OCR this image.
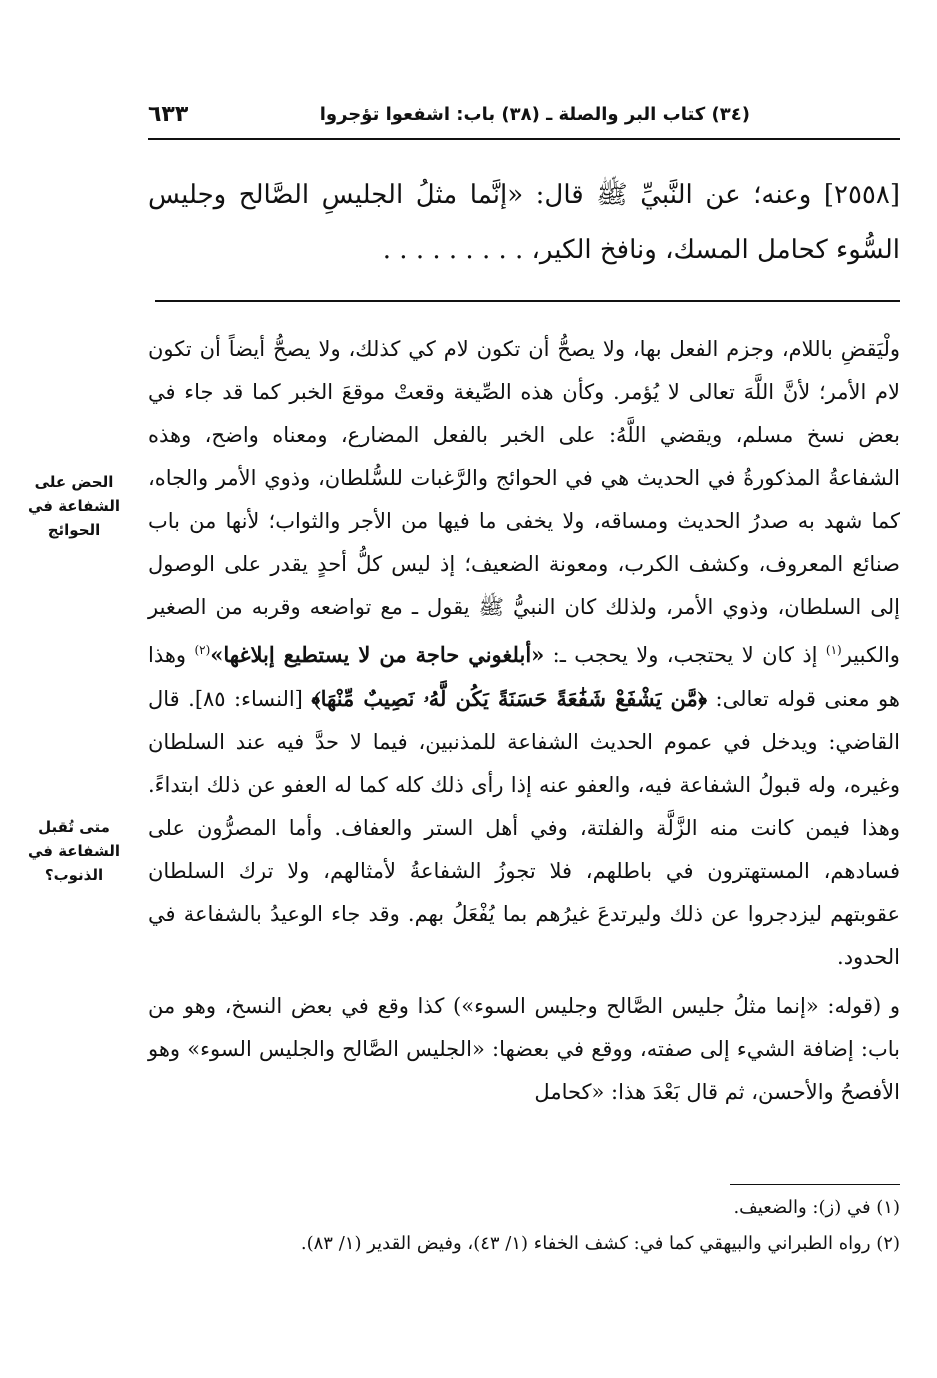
(٣٤) كتاب البر والصلة ـ (٣٨) باب: اشفعوا تؤجروا
٦٣٣
[٢٥٥٨] وعنه؛ عن النَّبيِّ ﷺ قال: «إنَّما مثلُ الجليسِ الصَّالح وجليس السُّوء كحامل المسك، ونافخ الكير، . . . . . . . . .
الحض على الشفاعة في الحوائج
متى تُقبل الشفاعة في الذنوب؟

ولْيَقضِ باللام، وجزم الفعل بها، ولا يصحُّ أن تكون لام كي كذلك، ولا يصحُّ أيضاً أن تكون لام الأمر؛ لأنَّ اللَّهَ تعالى لا يُؤمر. وكأن هذه الصِّيغة وقعتْ موقعَ الخبر كما قد جاء في بعض نسخ مسلم، ويقضي اللَّهُ: على الخبر بالفعل المضارع، ومعناه واضح، وهذه الشفاعةُ المذكورةُ في الحديث هي في الحوائج والرَّغبات للسُّلطان، وذوي الأمر والجاه، كما شهد به صدرُ الحديث ومساقه، ولا يخفى ما فيها من الأجر والثواب؛ لأنها من باب صنائع المعروف، وكشف الكرب، ومعونة الضعيف؛ إذ ليس كلُّ أحدٍ يقدر على الوصول إلى السلطان، وذوي الأمر، ولذلك كان النبيُّ ﷺ يقول ـ مع تواضعه وقربه من الصغير والكبير$^{(١)}$ إذ كان لا يحتجب، ولا يحجب ـ: «أبلغوني حاجة من لا يستطيع إبلاغها»$^{(٢)}$ وهذا هو معنى قوله تعالى: ﴿مَّن يَشْفَعْ شَفَٰعَةً حَسَنَةً يَكُن لَّهُۥ نَصِيبٌ مِّنْهَا﴾ [النساء: ٨٥]. قال القاضي: ويدخل في عموم الحديث الشفاعة للمذنبين، فيما لا حدَّ فيه عند السلطان وغيره، وله قبولُ الشفاعة فيه، والعفو عنه إذا رأى ذلك كله كما له العفو عن ذلك ابتداءً. وهذا فيمن كانت منه الزَّلَّة والفلتة، وفي أهل الستر والعفاف. وأما المصرُّون على فسادهم، المستهترون في باطلهم، فلا تجوزُ الشفاعةُ لأمثالهم، ولا ترك السلطان عقوبتهم ليزدجروا عن ذلك وليرتدعَ غيرُهم بما يُفْعَلُ بهم. وقد جاء الوعيدُ بالشفاعة في الحدود.

و (قوله: «إنما مثلُ جليس الصَّالح وجليس السوء») كذا وقع في بعض النسخ، وهو من باب: إضافة الشيء إلى صفته، ووقع في بعضها: «الجليس الصَّالح والجليس السوء» وهو الأفصحُ والأحسن، ثم قال بَعْدَ هذا: «كحامل

(١) في (ز): والضعيف.
(٢) رواه الطبراني والبيهقي كما في: كشف الخفاء (١/ ٤٣)، وفيض القدير (١/ ٨٣).
